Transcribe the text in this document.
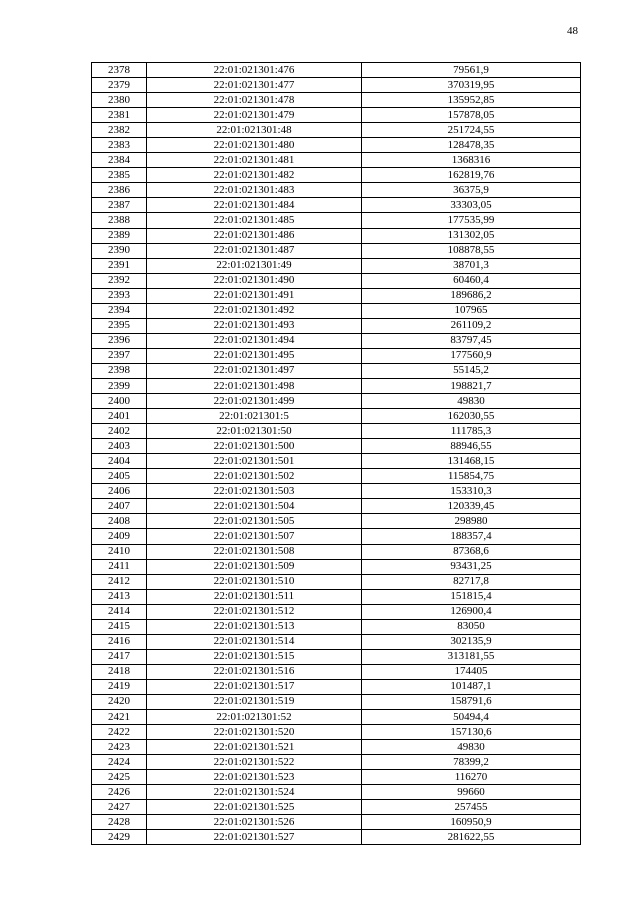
48
2378	22:01:021301:476	79561,9
2379	22:01:021301:477	370319,95
2380	22:01:021301:478	135952,85
2381	22:01:021301:479	157878,05
2382	22:01:021301:48	251724,55
2383	22:01:021301:480	128478,35
2384	22:01:021301:481	1368316
2385	22:01:021301:482	162819,76
2386	22:01:021301:483	36375,9
2387	22:01:021301:484	33303,05
2388	22:01:021301:485	177535,99
2389	22:01:021301:486	131302,05
2390	22:01:021301:487	108878,55
2391	22:01:021301:49	38701,3
2392	22:01:021301:490	60460,4
2393	22:01:021301:491	189686,2
2394	22:01:021301:492	107965
2395	22:01:021301:493	261109,2
2396	22:01:021301:494	83797,45
2397	22:01:021301:495	177560,9
2398	22:01:021301:497	55145,2
2399	22:01:021301:498	198821,7
2400	22:01:021301:499	49830
2401	22:01:021301:5	162030,55
2402	22:01:021301:50	111785,3
2403	22:01:021301:500	88946,55
2404	22:01:021301:501	131468,15
2405	22:01:021301:502	115854,75
2406	22:01:021301:503	153310,3
2407	22:01:021301:504	120339,45
2408	22:01:021301:505	298980
2409	22:01:021301:507	188357,4
2410	22:01:021301:508	87368,6
2411	22:01:021301:509	93431,25
2412	22:01:021301:510	82717,8
2413	22:01:021301:511	151815,4
2414	22:01:021301:512	126900,4
2415	22:01:021301:513	83050
2416	22:01:021301:514	302135,9
2417	22:01:021301:515	313181,55
2418	22:01:021301:516	174405
2419	22:01:021301:517	101487,1
2420	22:01:021301:519	158791,6
2421	22:01:021301:52	50494,4
2422	22:01:021301:520	157130,6
2423	22:01:021301:521	49830
2424	22:01:021301:522	78399,2
2425	22:01:021301:523	116270
2426	22:01:021301:524	99660
2427	22:01:021301:525	257455
2428	22:01:021301:526	160950,9
2429	22:01:021301:527	281622,55
